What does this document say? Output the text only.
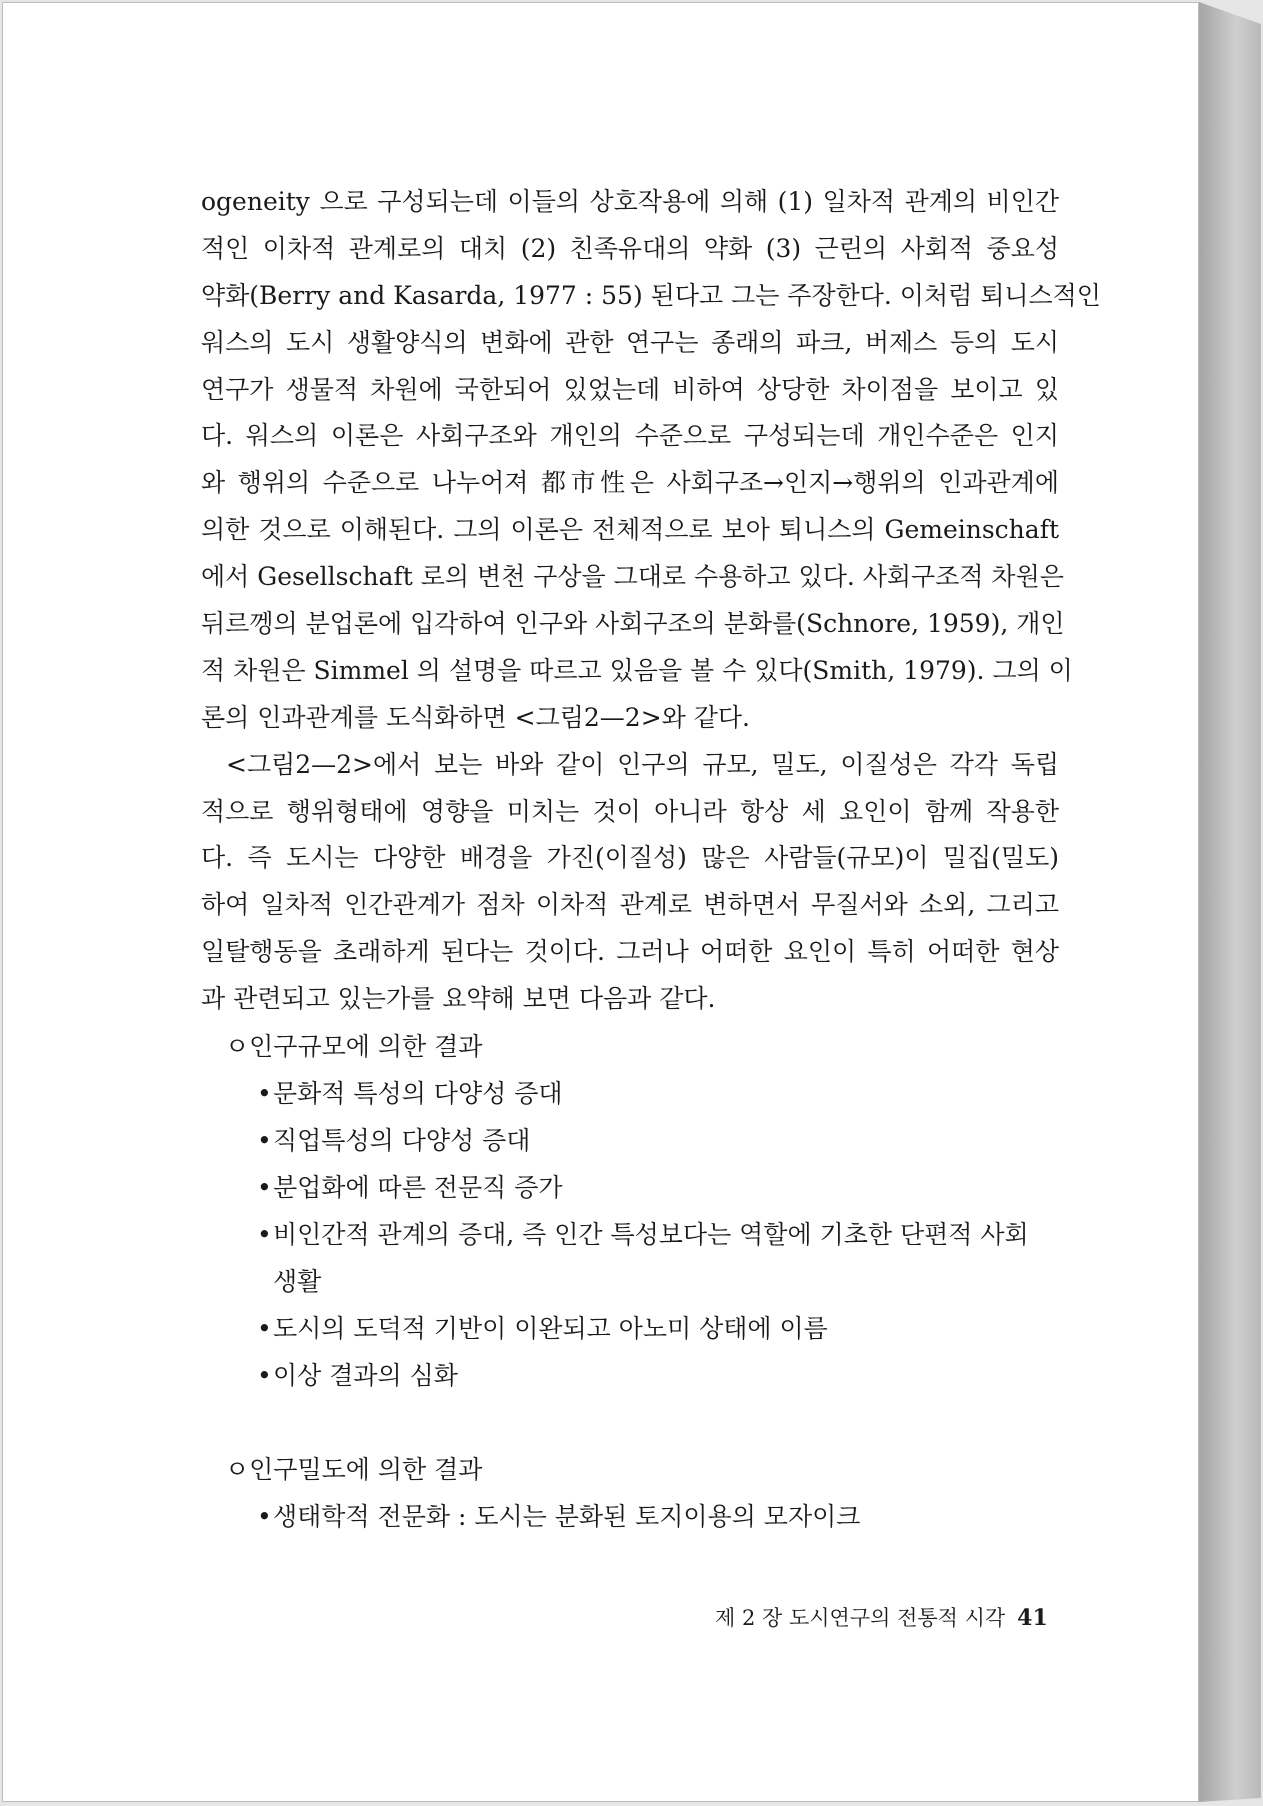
ogeneity 으로 구성되는데 이들의 상호작용에 의해 (1) 일차적 관계의 비인간
적인 이차적 관계로의 대치 (2) 친족유대의 약화 (3) 근린의 사회적 중요성
약화(Berry and Kasarda, 1977 : 55) 된다고 그는 주장한다. 이처럼 퇴니스적인
워스의 도시 생활양식의 변화에 관한 연구는 종래의 파크, 버제스 등의 도시
연구가 생물적 차원에 국한되어 있었는데 비하여 상당한 차이점을 보이고 있
다. 워스의 이론은 사회구조와 개인의 수준으로 구성되는데 개인수준은 인지
와 행위의 수준으로 나누어져 都市性은 사회구조→인지→행위의 인과관계에
의한 것으로 이해된다. 그의 이론은 전체적으로 보아 퇴니스의 Gemeinschaft
에서 Gesellschaft 로의 변천 구상을 그대로 수용하고 있다. 사회구조적 차원은
뒤르껭의 분업론에 입각하여 인구와 사회구조의 분화를(Schnore, 1959), 개인
적 차원은 Simmel 의 설명을 따르고 있음을 볼 수 있다(Smith, 1979). 그의 이
론의 인과관계를 도식화하면 <그림2—2>와 같다.
<그림2—2>에서 보는 바와 같이 인구의 규모, 밀도, 이질성은 각각 독립
적으로 행위형태에 영향을 미치는 것이 아니라 항상 세 요인이 함께 작용한
다. 즉 도시는 다양한 배경을 가진(이질성) 많은 사람들(규모)이 밀집(밀도)
하여 일차적 인간관계가 점차 이차적 관계로 변하면서 무질서와 소외, 그리고
일탈행동을 초래하게 된다는 것이다. 그러나 어떠한 요인이 특히 어떠한 현상
과 관련되고 있는가를 요약해 보면 다음과 같다.
ㅇ인구규모에 의한 결과
•문화적 특성의 다양성 증대
•직업특성의 다양성 증대
•분업화에 따른 전문직 증가
•비인간적 관계의 증대, 즉 인간 특성보다는 역할에 기초한 단편적 사회
생활
•도시의 도덕적 기반이 이완되고 아노미 상태에 이름
•이상 결과의 심화
ㅇ인구밀도에 의한 결과
•생태학적 전문화 : 도시는 분화된 토지이용의 모자이크
제 2 장 도시연구의 전통적 시각 41
